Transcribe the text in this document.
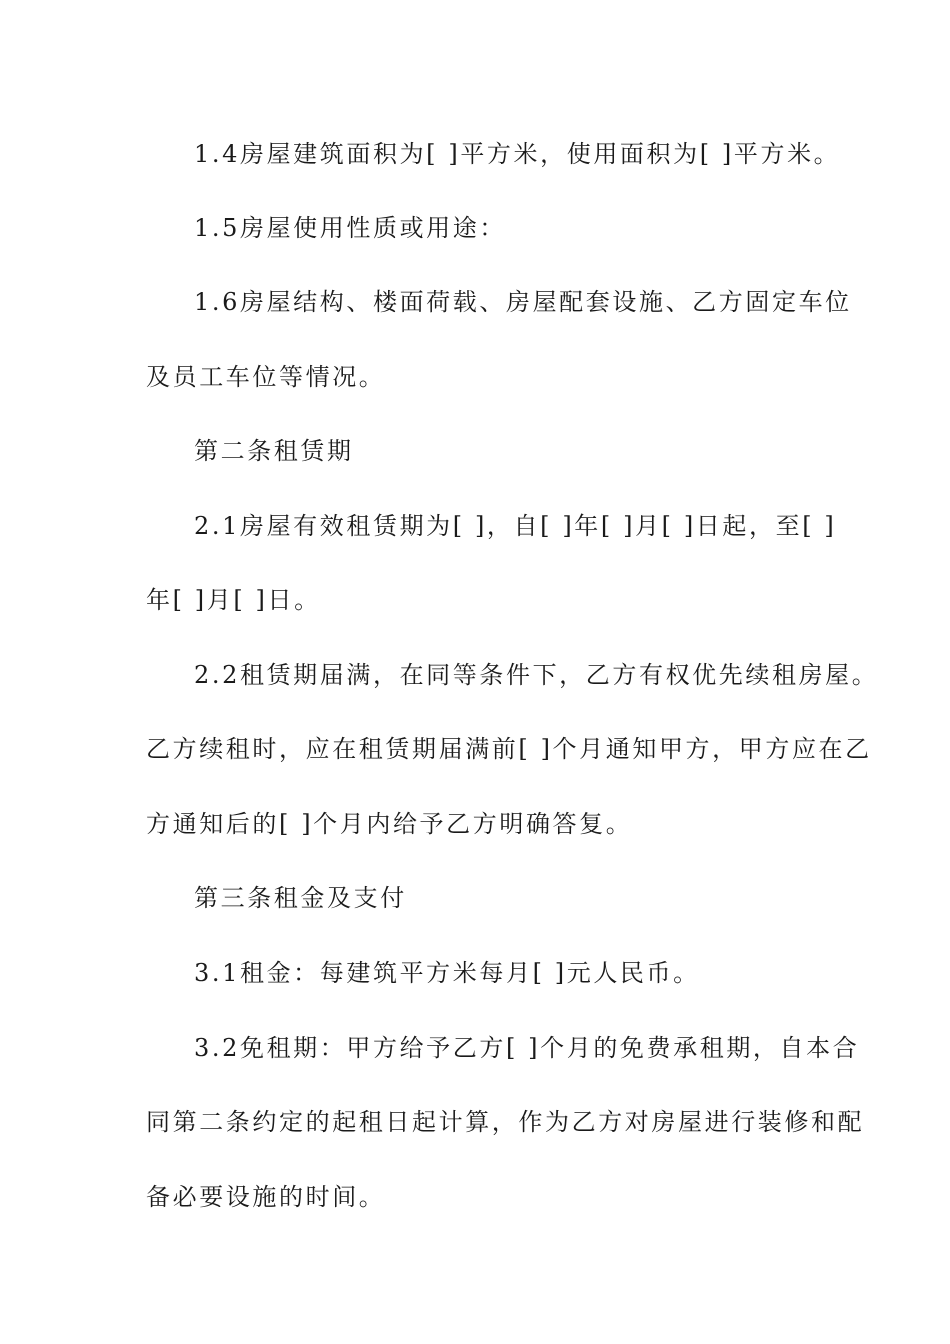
1.4房屋建筑面积为[ ]平方米，使用面积为[ ]平方米。
1.5房屋使用性质或用途：
1.6房屋结构、楼面荷载、房屋配套设施、乙方固定车位
及员工车位等情况。
第二条租赁期
2.1房屋有效租赁期为[ ]，自[ ]年[ ]月[ ]日起，至[ ]
年[ ]月[ ]日。
2.2租赁期届满，在同等条件下，乙方有权优先续租房屋。
乙方续租时，应在租赁期届满前[ ]个月通知甲方，甲方应在乙
方通知后的[ ]个月内给予乙方明确答复。
第三条租金及支付
3.1租金：每建筑平方米每月[ ]元人民币。
3.2免租期：甲方给予乙方[ ]个月的免费承租期，自本合
同第二条约定的起租日起计算，作为乙方对房屋进行装修和配
备必要设施的时间。
